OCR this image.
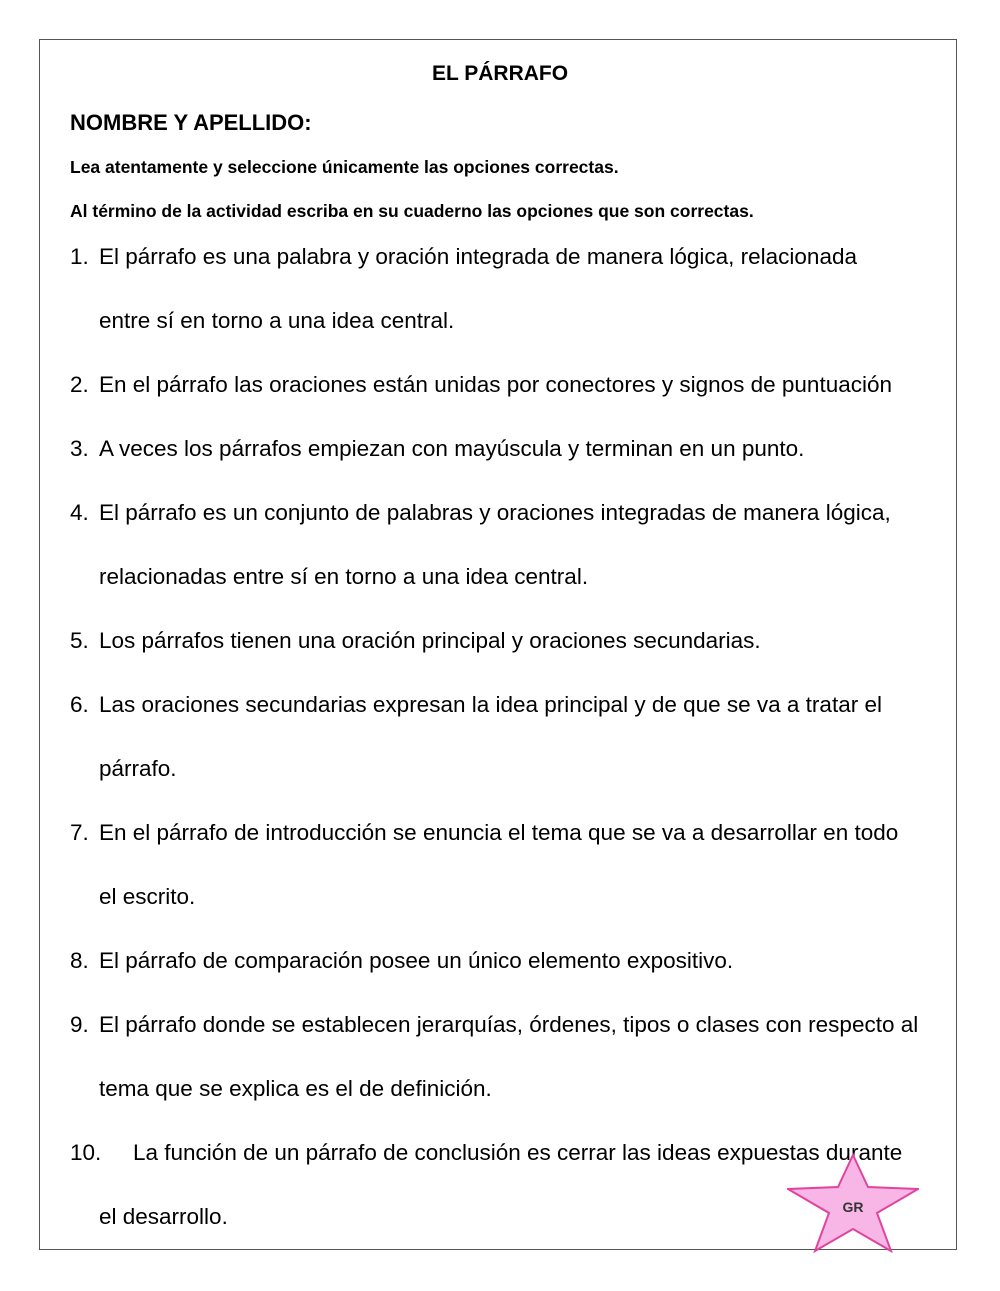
EL PÁRRAFO
NOMBRE Y APELLIDO:
Lea atentamente y seleccione únicamente las opciones correctas.
Al término de la actividad escriba en su cuaderno las opciones que son correctas.
1. El párrafo es una palabra y oración integrada de manera lógica, relacionada
entre sí en torno a una idea central.
2. En el párrafo las oraciones están unidas por conectores y signos de puntuación
3. A veces los párrafos empiezan con mayúscula y terminan en un punto.
4. El párrafo es un conjunto de palabras y oraciones integradas de manera lógica,
relacionadas entre sí en torno a una idea central.
5. Los párrafos tienen una oración principal y oraciones secundarias.
6. Las oraciones secundarias expresan la idea principal y de que se va a tratar el
párrafo.
7. En el párrafo de introducción se enuncia el tema que se va a desarrollar en todo
el escrito.
8. El párrafo de comparación posee un único elemento expositivo.
9. El párrafo donde se establecen jerarquías, órdenes, tipos o clases con respecto al
tema que se explica es el de definición.
10. La función de un párrafo de conclusión es cerrar las ideas expuestas durante
el desarrollo.	GR
